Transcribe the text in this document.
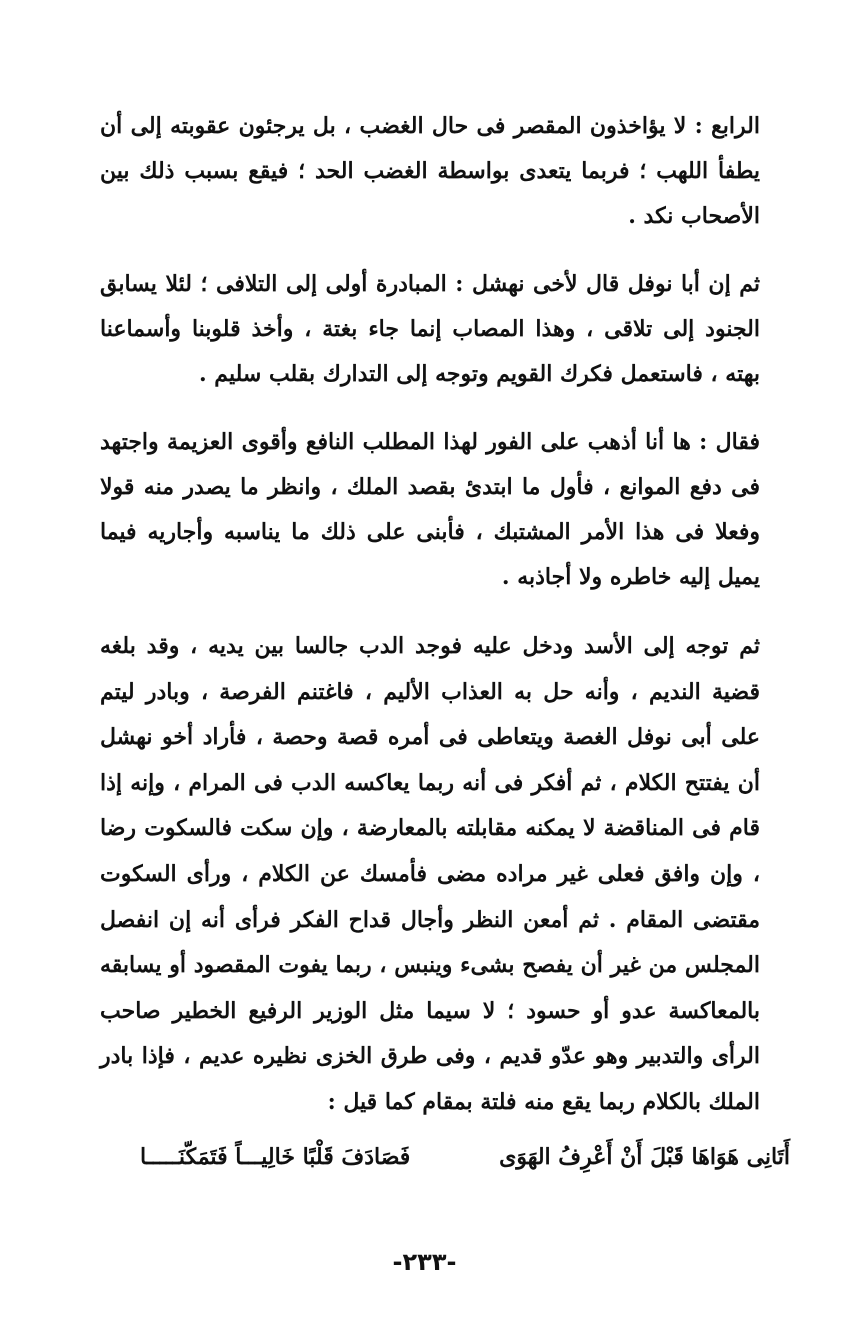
الرابع : لا يؤاخذون المقصر فى حال الغضب ، بل يرجئون عقوبته إلى أن يطفأ اللهب ؛ فربما يتعدى بواسطة الغضب الحد ؛ فيقع بسبب ذلك بين الأصحاب نكد .

ثم إن أبا نوفل قال لأخى نهشل : المبادرة أولى إلى التلافى ؛ لئلا يسابق الجنود إلى تلاقى ، وهذا المصاب إنما جاء بغتة ، وأخذ قلوبنا وأسماعنا بهته ، فاستعمل فكرك القويم وتوجه إلى التدارك بقلب سليم .

فقال : ها أنا أذهب على الفور لهذا المطلب النافع وأقوى العزيمة واجتهد فى دفع الموانع ، فأول ما ابتدئ بقصد الملك ، وانظر ما يصدر منه قولا وفعلا فى هذا الأمر المشتبك ، فأبنى على ذلك ما يناسبه وأجاريه فيما يميل إليه خاطره ولا أجاذبه .

ثم توجه إلى الأسد ودخل عليه فوجد الدب جالسا بين يديه ، وقد بلغه قضية النديم ، وأنه حل به العذاب الأليم ، فاغتنم الفرصة ، وبادر ليتم على أبى نوفل الغصة ويتعاطى فى أمره قصة وحصة ، فأراد أخو نهشل أن يفتتح الكلام ، ثم أفكر فى أنه ربما يعاكسه الدب فى المرام ، وإنه إذا قام فى المناقضة لا يمكنه مقابلته بالمعارضة ، وإن سكت فالسكوت رضا ، وإن وافق فعلى غير مراده مضى فأمسك عن الكلام ، ورأى السكوت مقتضى المقام . ثم أمعن النظر وأجال قداح الفكر فرأى أنه إن انفصل المجلس من غير أن يفصح بشىء وينبس ، ربما يفوت المقصود أو يسابقه بالمعاكسة عدو أو حسود ؛ لا سيما مثل الوزير الرفيع الخطير صاحب الرأى والتدبير وهو عدّو قديم ، وفى طرق الخزى نظيره عديم ، فإذا بادر الملك بالكلام ربما يقع منه فلتة بمقام كما قيل :

أَتَانِى هَوَاهَا قَبْلَ أَنْ أَعْرِفُ الهَوَى
فَصَادَفَ قَلْبًا خَالِيـــاً فَتَمَكّنَـــــا
-٢٣٣-
